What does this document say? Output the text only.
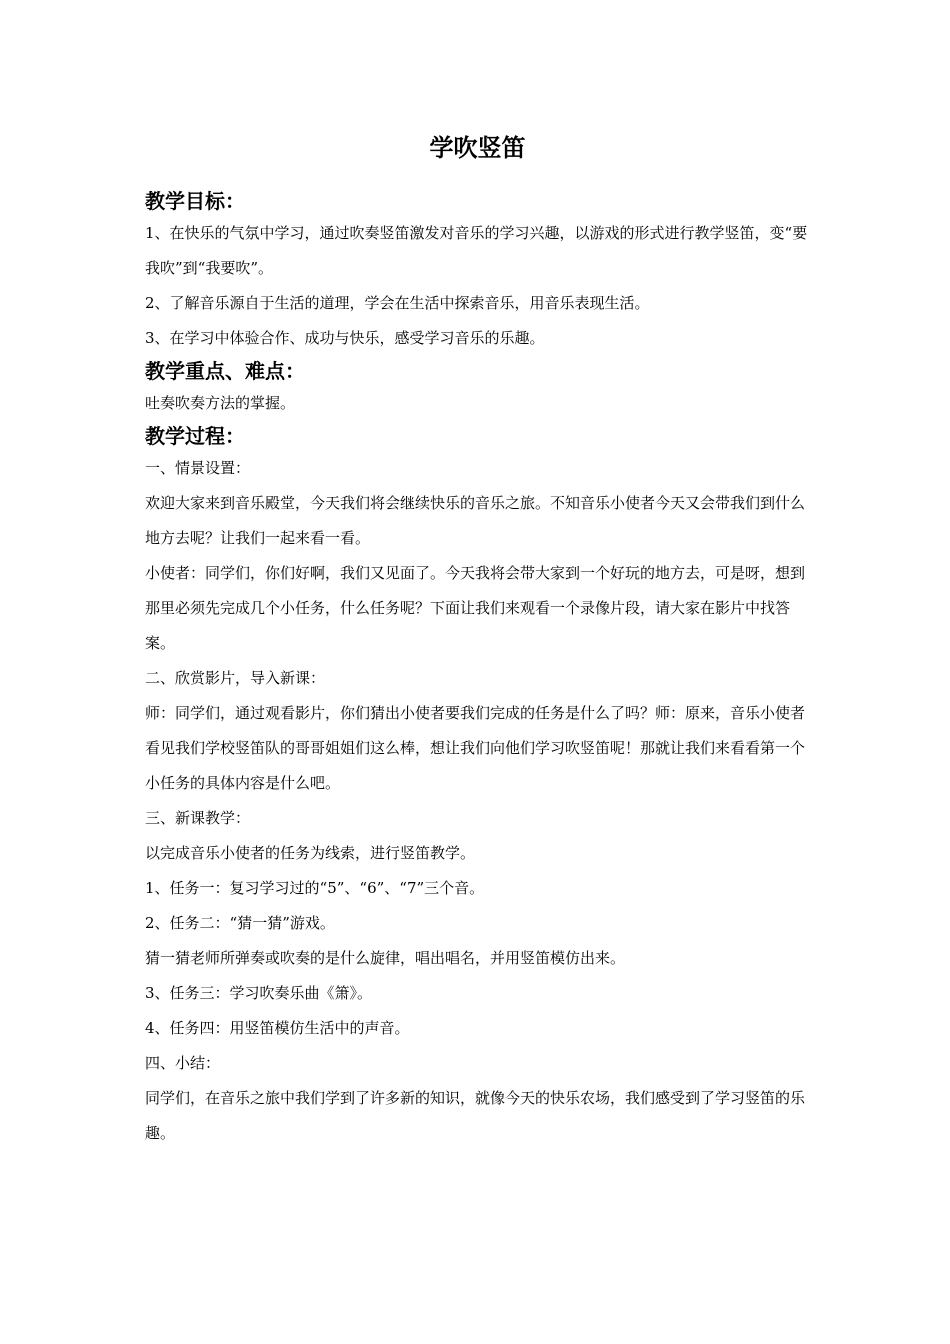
学吹竖笛
教学目标：

1、在快乐的气氛中学习，通过吹奏竖笛激发对音乐的学习兴趣，以游戏的形式进行教学竖笛，变“要我吹”到“我要吹”。

2、了解音乐源自于生活的道理，学会在生活中探索音乐，用音乐表现生活。

3、在学习中体验合作、成功与快乐，感受学习音乐的乐趣。

教学重点、难点：

吐奏吹奏方法的掌握。

教学过程：

一、情景设置：

欢迎大家来到音乐殿堂，今天我们将会继续快乐的音乐之旅。不知音乐小使者今天又会带我们到什么地方去呢？让我们一起来看一看。

小使者：同学们，你们好啊，我们又见面了。今天我将会带大家到一个好玩的地方去，可是呀，想到那里必须先完成几个小任务，什么任务呢？下面让我们来观看一个录像片段，请大家在影片中找答案。

二、欣赏影片，导入新课：

师：同学们，通过观看影片，你们猜出小使者要我们完成的任务是什么了吗？师：原来，音乐小使者看见我们学校竖笛队的哥哥姐姐们这么棒，想让我们向他们学习吹竖笛呢！那就让我们来看看第一个小任务的具体内容是什么吧。

三、新课教学：

以完成音乐小使者的任务为线索，进行竖笛教学。

1、任务一：复习学习过的“5”、“6”、“7”三个音。

2、任务二：“猜一猜”游戏。

猜一猜老师所弹奏或吹奏的是什么旋律，唱出唱名，并用竖笛模仿出来。

3、任务三：学习吹奏乐曲《箫》。

4、任务四：用竖笛模仿生活中的声音。

四、小结：

同学们，在音乐之旅中我们学到了许多新的知识，就像今天的快乐农场，我们感受到了学习竖笛的乐趣。
